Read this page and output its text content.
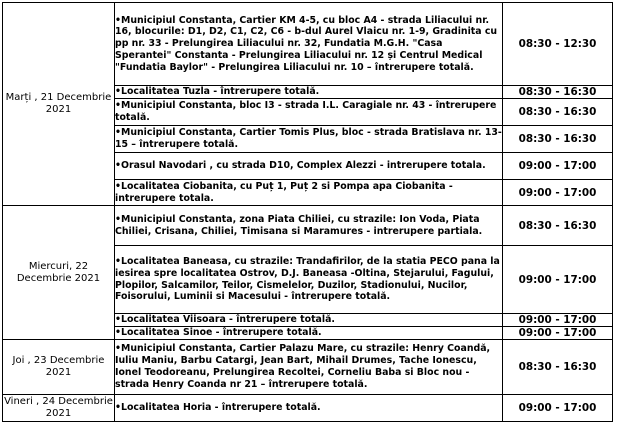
Marți , 21 Decembrie 2021	•Municipiul Constanta, Cartier KM 4-5, cu bloc A4 - strada Liliacului nr. 16, blocurile: D1, D2, C1, C2, C6 - b-dul Aurel Vlaicu nr. 1-9, Gradinita cu pp nr. 33 - Prelungirea Liliacului nr. 32, Fundatia M.G.H. "Casa Sperantei" Constanta - Prelungirea Liliacului nr. 12 și Centrul Medical "Fundatia Baylor" - Prelungirea Liliacului nr. 10 – întrerupere totală.	08:30 - 12:30
	•Localitatea Tuzla - întrerupere totală.	08:30 - 16:30
	•Municipiul Constanta, bloc I3 - strada I.L. Caragiale nr. 43 - întrerupere totală.	08:30 - 16:30
	•Municipiul Constanta, Cartier Tomis Plus, bloc - strada Bratislava nr. 13-15 – întrerupere totală.	08:30 - 16:30
	•Orasul Navodari , cu strada D10, Complex Alezzi - intrerupere totala.	09:00 - 17:00
	•Localitatea Ciobanita, cu Puț 1, Puț 2 si Pompa apa Ciobanita - intrerupere totala.	09:00 - 17:00

Miercuri, 22 Decembrie 2021	•Municipiul Constanta, zona Piata Chiliei, cu strazile: Ion Voda, Piata Chiliei, Crisana, Chiliei, Timisana si Maramures - intrerupere partiala.	08:30 - 16:30
	•Localitatea Baneasa, cu strazile: Trandafirilor, de la statia PECO pana la iesirea spre localitatea Ostrov, D.J. Baneasa -Oltina, Stejarului, Fagului, Plopilor, Salcamilor, Teilor, Cismelelor, Duzilor, Stadionului, Nucilor, Foisorului, Luminii si Macesului - întrerupere totală.	09:00 - 17:00
	•Localitatea Viisoara - întrerupere totală.	09:00 - 17:00
	•Localitatea Sinoe - întrerupere totală.	09:00 - 17:00

Joi , 23 Decembrie 2021	•Municipiul Constanta, Cartier Palazu Mare, cu strazile: Henry Coandă, Iuliu Maniu, Barbu Catargi, Jean Bart, Mihail Drumes, Tache Ionescu, Ionel Teodoreanu, Prelungirea Recoltei, Corneliu Baba si Bloc nou - strada Henry Coanda nr 21 – întrerupere totală.	08:30 - 16:30

Vineri , 24 Decembrie 2021	•Localitatea Horia - întrerupere totală.	09:00 - 17:00
